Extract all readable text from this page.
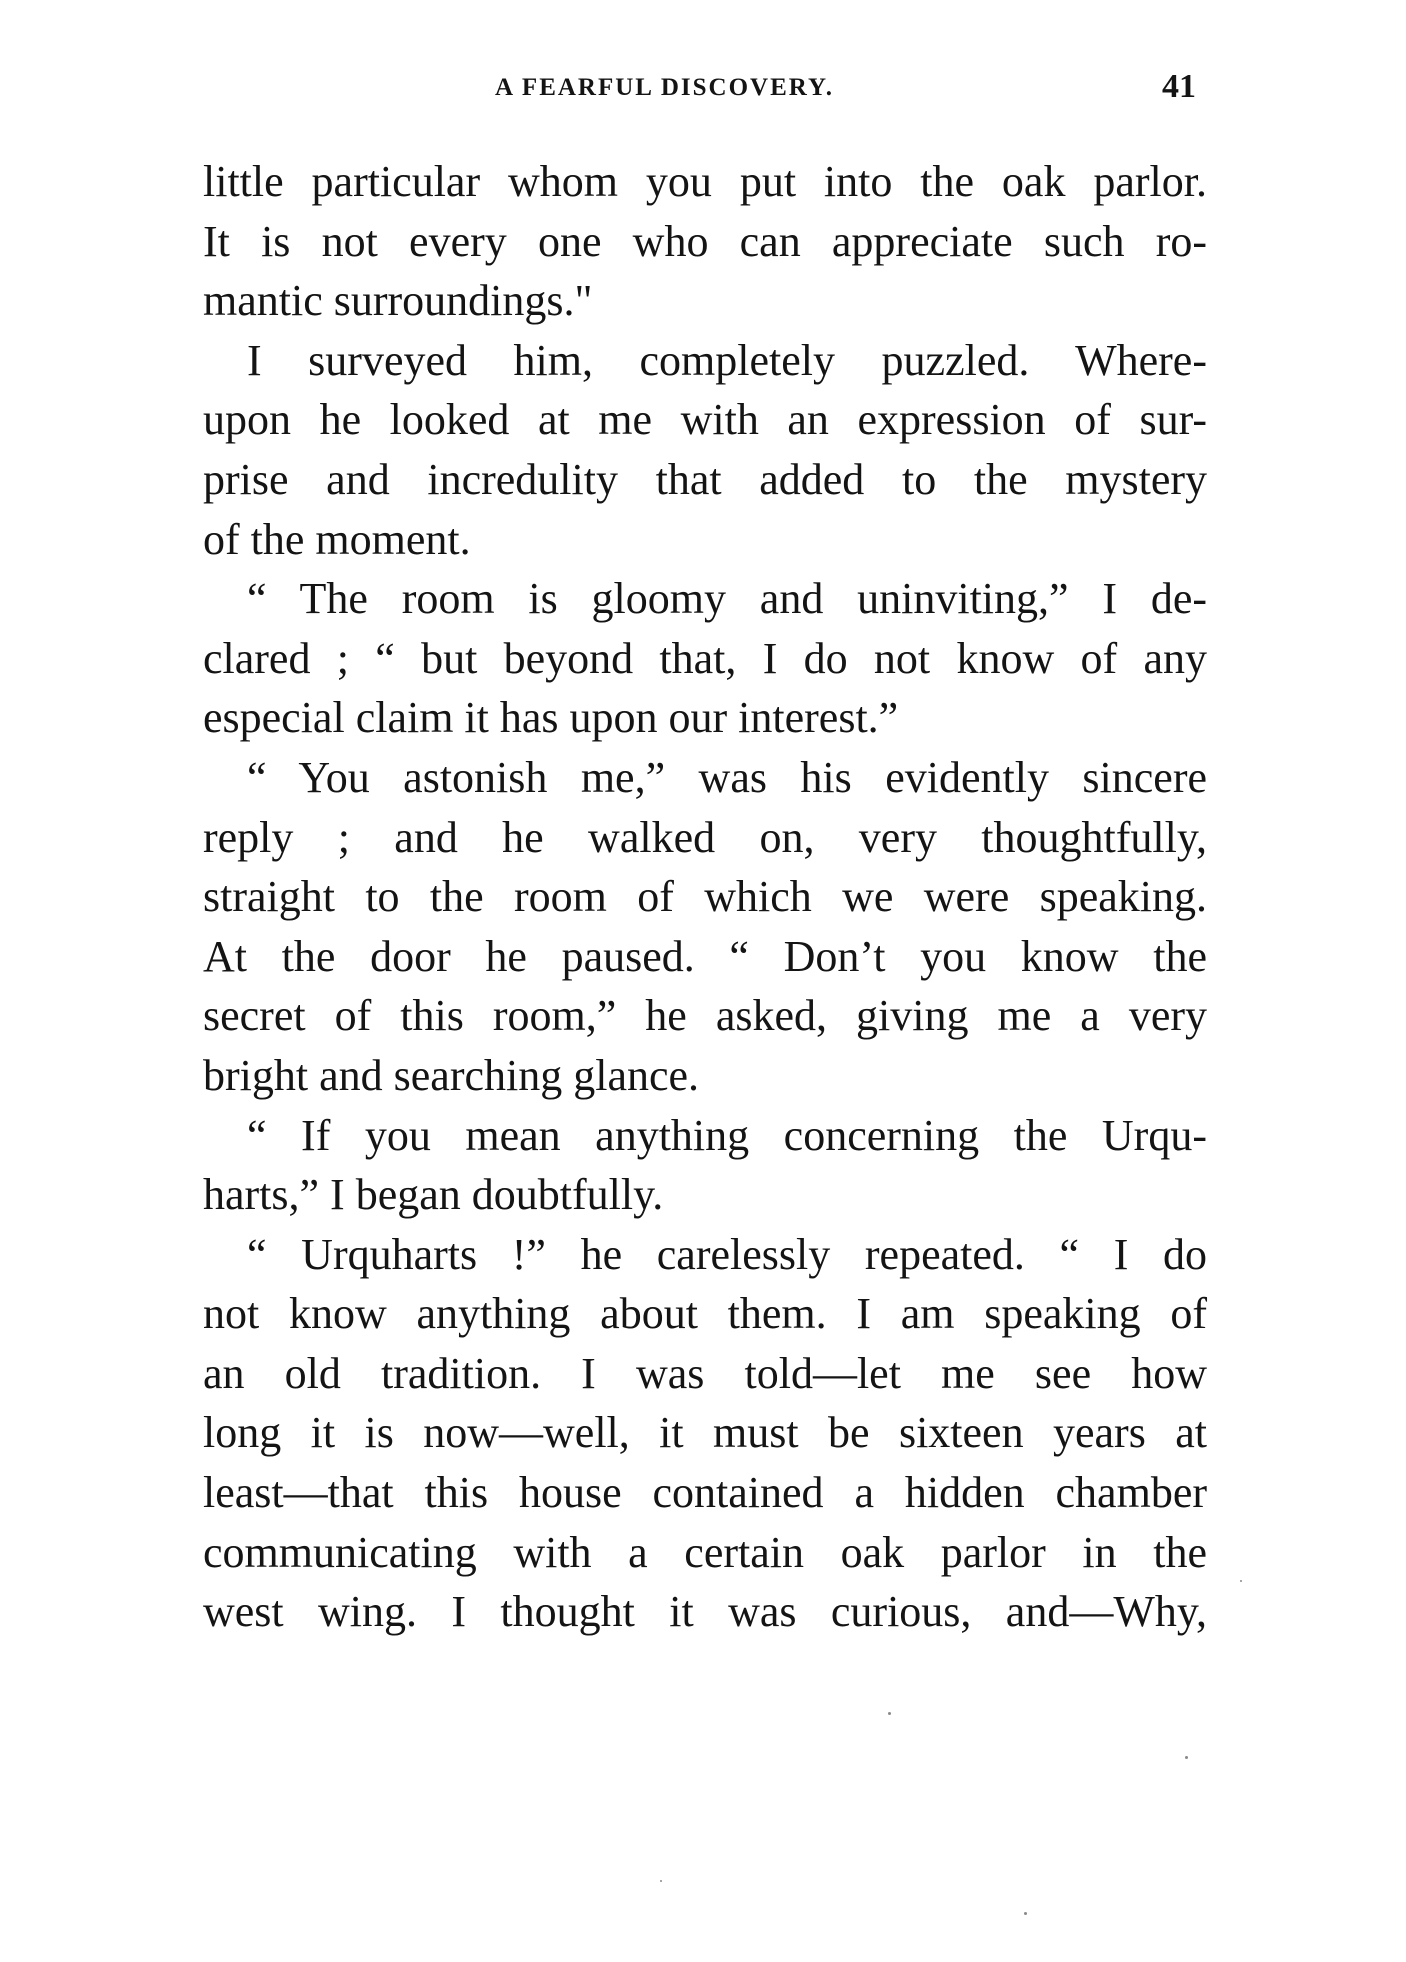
A FEARFUL DISCOVERY.	41
little particular whom you put into the oak parlor.
It is not every one who can appreciate such ro-
mantic surroundings."
I surveyed him, completely puzzled. Where-
upon he looked at me with an expression of sur-
prise and incredulity that added to the mystery
of the moment.
“ The room is gloomy and uninviting,” I de-
clared ; “ but beyond that, I do not know of any
especial claim it has upon our interest.”
“ You astonish me,” was his evidently sincere
reply ; and he walked on, very thoughtfully,
straight to the room of which we were speaking.
At the door he paused. “ Don’t you know the
secret of this room,” he asked, giving me a very
bright and searching glance.
“ If you mean anything concerning the Urqu-
harts,” I began doubtfully.
“ Urquharts !” he carelessly repeated. “ I do
not know anything about them. I am speaking of
an old tradition. I was told—let me see how
long it is now—well, it must be sixteen years at
least—that this house contained a hidden chamber
communicating with a certain oak parlor in the
west wing. I thought it was curious, and—Why,
